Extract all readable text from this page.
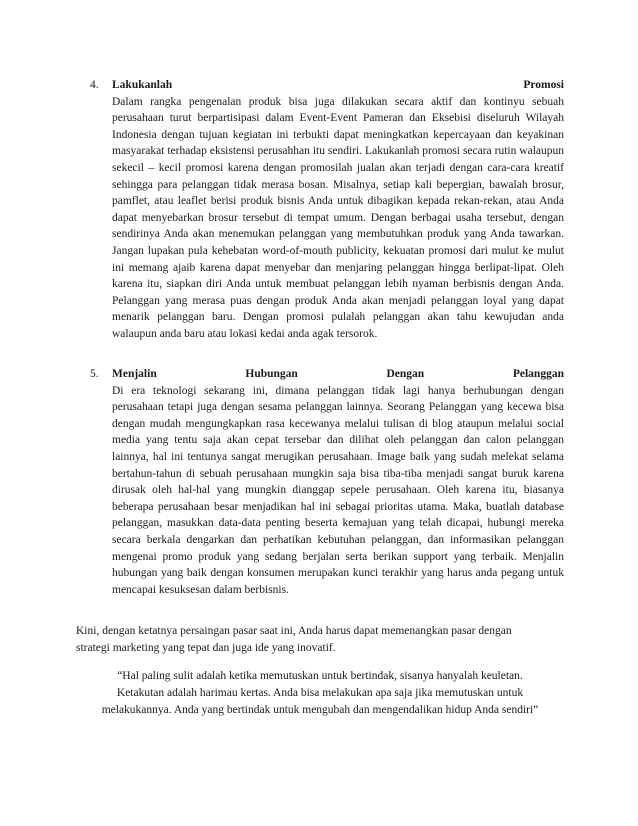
4. Lakukanlah	Promosi
Dalam rangka pengenalan produk bisa juga dilakukan secara aktif dan kontinyu sebuah perusahaan turut berpartisipasi dalam Event-Event Pameran dan Eksebisi diseluruh Wilayah Indonesia dengan tujuan kegiatan ini terbukti dapat meningkatkan kepercayaan dan keyakinan masyarakat terhadap eksistensi perusahhan itu sendiri. Lakukanlah promosi secara rutin walaupun sekecil – kecil promosi karena dengan promosilah jualan akan terjadi dengan cara-cara kreatif sehingga para pelanggan tidak merasa bosan. Misalnya, setiap kali bepergian, bawalah brosur, pamflet, atau leaflet berisi produk bisnis Anda untuk dibagikan kepada rekan-rekan, atau Anda dapat menyebarkan brosur tersebut di tempat umum. Dengan berbagai usaha tersebut, dengan sendirinya Anda akan menemukan pelanggan yang membutuhkan produk yang Anda tawarkan. Jangan lupakan pula kehebatan word-of-mouth publicity, kekuatan promosi dari mulut ke mulut ini memang ajaib karena dapat menyebar dan menjaring pelanggan hingga berlipat-lipat. Oleh karena itu, siapkan diri Anda untuk membuat pelanggan lebih nyaman berbisnis dengan Anda. Pelanggan yang merasa puas dengan produk Anda akan menjadi pelanggan loyal yang dapat menarik pelanggan baru. Dengan promosi pulalah pelanggan akan tahu kewujudan anda walaupun anda baru atau lokasi kedai anda agak tersorok.
5. Menjalin	Hubungan	Dengan	Pelanggan
Di era teknologi sekarang ini, dimana pelanggan tidak lagi hanya berhubungan dengan perusahaan tetapi juga dengan sesama pelanggan lainnya. Seorang Pelanggan yang kecewa bisa dengan mudah mengungkapkan rasa kecewanya melalui tulisan di blog ataupun melalui social media yang tentu saja akan cepat tersebar dan dilihat oleh pelanggan dan calon pelanggan lainnya, hal ini tentunya sangat merugikan perusahaan. Image baik yang sudah melekat selama bertahun-tahun di sebuah perusahaan mungkin saja bisa tiba-tiba menjadi sangat buruk karena dirusak oleh hal-hal yang mungkin dianggap sepele perusahaan. Oleh karena itu, biasanya beberapa perusahaan besar menjadikan hal ini sebagai prioritas utama. Maka, buatlah database pelanggan, masukkan data-data penting beserta kemajuan yang telah dicapai, hubungi mereka secara berkala dengarkan dan perhatikan kebutuhan pelanggan, dan informasikan pelanggan mengenai promo produk yang sedang berjalan serta berikan support yang terbaik. Menjalin hubungan yang baik dengan konsumen merupakan kunci terakhir yang harus anda pegang untuk mencapai kesuksesan dalam berbisnis.
Kini, dengan ketatnya persaingan pasar saat ini, Anda harus dapat memenangkan pasar dengan
strategi marketing yang tepat dan juga ide yang inovatif.
“Hal paling sulit adalah ketika memutuskan untuk bertindak, sisanya hanyalah keuletan.
Ketakutan adalah harimau kertas. Anda bisa melakukan apa saja jika memutuskan untuk
melakukannya. Anda yang bertindak untuk mengubah dan mengendalikan hidup Anda sendiri”
